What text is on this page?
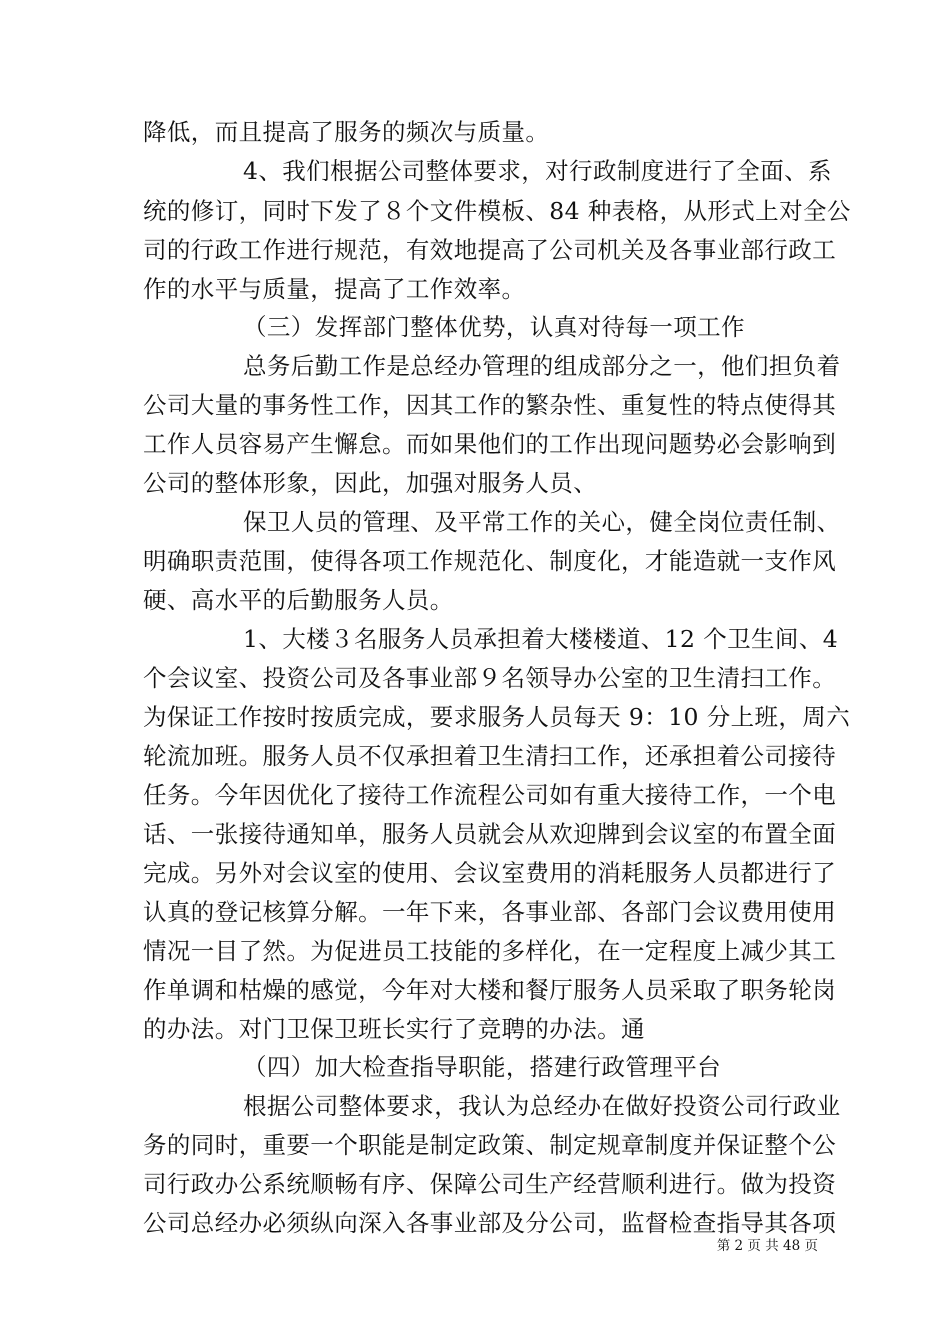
降低，而且提高了服务的频次与质量。
4、我们根据公司整体要求，对行政制度进行了全面、系
统的修订，同时下发了８个文件模板、84 种表格，从形式上对全公
司的行政工作进行规范，有效地提高了公司机关及各事业部行政工
作的水平与质量，提高了工作效率。
（三）发挥部门整体优势，认真对待每一项工作
总务后勤工作是总经办管理的组成部分之一，他们担负着
公司大量的事务性工作，因其工作的繁杂性、重复性的特点使得其
工作人员容易产生懈怠。而如果他们的工作出现问题势必会影响到
公司的整体形象，因此，加强对服务人员、
保卫人员的管理、及平常工作的关心，健全岗位责任制、
明确职责范围，使得各项工作规范化、制度化，才能造就一支作风
硬、高水平的后勤服务人员。
1、大楼３名服务人员承担着大楼楼道、12 个卫生间、4
个会议室、投资公司及各事业部９名领导办公室的卫生清扫工作。
为保证工作按时按质完成，要求服务人员每天 9：10 分上班，周六
轮流加班。服务人员不仅承担着卫生清扫工作，还承担着公司接待
任务。今年因优化了接待工作流程公司如有重大接待工作，一个电
话、一张接待通知单，服务人员就会从欢迎牌到会议室的布置全面
完成。另外对会议室的使用、会议室费用的消耗服务人员都进行了
认真的登记核算分解。一年下来，各事业部、各部门会议费用使用
情况一目了然。为促进员工技能的多样化，在一定程度上减少其工
作单调和枯燥的感觉，今年对大楼和餐厅服务人员采取了职务轮岗
的办法。对门卫保卫班长实行了竞聘的办法。通
（四）加大检查指导职能，搭建行政管理平台
根据公司整体要求，我认为总经办在做好投资公司行政业
务的同时，重要一个职能是制定政策、制定规章制度并保证整个公
司行政办公系统顺畅有序、保障公司生产经营顺利进行。做为投资
公司总经办必须纵向深入各事业部及分公司，监督检查指导其各项
第 2 页 共 48 页
